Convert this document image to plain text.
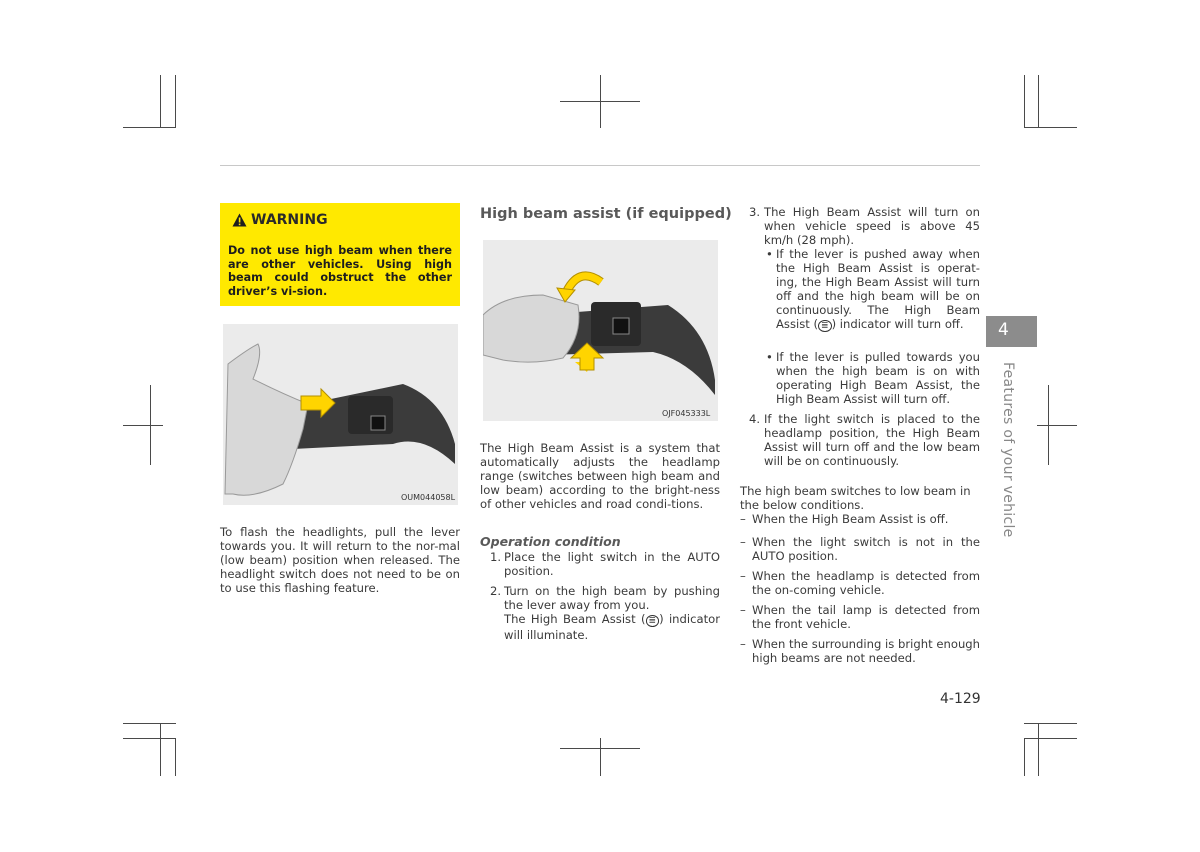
WARNING
Do not use high beam when there are other vehicles. Using high beam could obstruct the other driver’s vi-sion.
OUM044058L
To flash the headlights, pull the lever towards you. It will return to the nor-mal (low beam) position when released. The headlight switch does not need to be on to use this flashing feature.
High beam assist (if equipped)
OJF045333L
The High Beam Assist is a system that automatically adjusts the headlamp range (switches between high beam and low beam) according to the bright-ness of other vehicles and road condi-tions.
Operation condition
1. Place the light switch in the AUTO position.
2. Turn on the high beam by pushing the lever away from you.
The High Beam Assist ( ≣ ) indicator will illuminate.
3. The High Beam Assist will turn on when vehicle speed is above 45 km/h (28 mph).
• If the lever is pushed away when the High Beam Assist is operat-ing, the High Beam Assist will turn off and the high beam will be on continuously. The High Beam Assist ( ≣ ) indicator will turn off.
• If the lever is pulled towards you when the high beam is on with operating High Beam Assist, the High Beam Assist will turn off.
4. If the light switch is placed to the headlamp position, the High Beam Assist will turn off and the low beam will be on continuously.
The high beam switches to low beam in the below conditions.
– When the High Beam Assist is off.
– When the light switch is not in the AUTO position.
– When the headlamp is detected from the on-coming vehicle.
– When the tail lamp is detected from the front vehicle.
– When the surrounding is bright enough high beams are not needed.
4
Features of your vehicle
4-129
